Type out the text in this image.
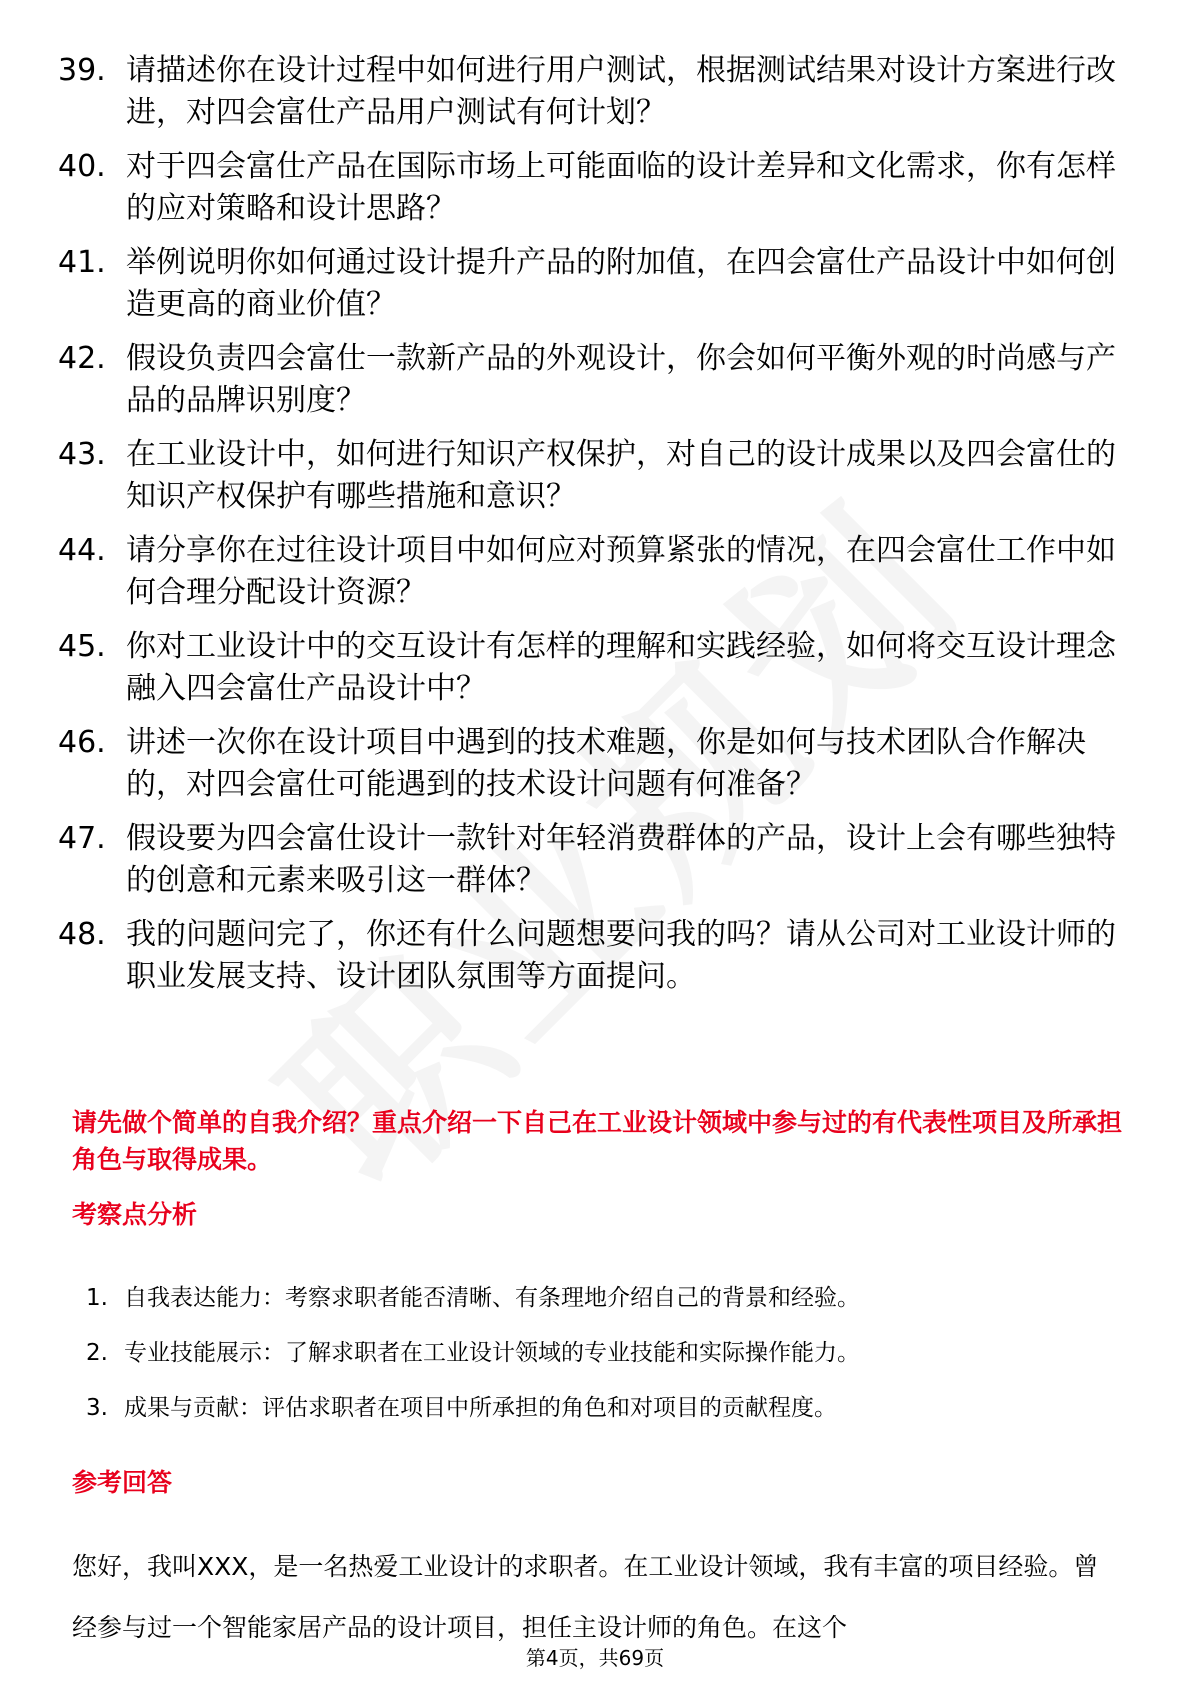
39. 请描述你在设计过程中如何进行用户测试，根据测试结果对设计方案进行改进，对四会富仕产品用户测试有何计划？
40. 对于四会富仕产品在国际市场上可能面临的设计差异和文化需求，你有怎样的应对策略和设计思路？
41. 举例说明你如何通过设计提升产品的附加值，在四会富仕产品设计中如何创造更高的商业价值？
42. 假设负责四会富仕一款新产品的外观设计，你会如何平衡外观的时尚感与产品的品牌识别度？
43. 在工业设计中，如何进行知识产权保护，对自己的设计成果以及四会富仕的知识产权保护有哪些措施和意识？
44. 请分享你在过往设计项目中如何应对预算紧张的情况，在四会富仕工作中如何合理分配设计资源？
45. 你对工业设计中的交互设计有怎样的理解和实践经验，如何将交互设计理念融入四会富仕产品设计中？
46. 讲述一次你在设计项目中遇到的技术难题，你是如何与技术团队合作解决的，对四会富仕可能遇到的技术设计问题有何准备？
47. 假设要为四会富仕设计一款针对年轻消费群体的产品，设计上会有哪些独特的创意和元素来吸引这一群体？
48. 我的问题问完了，你还有什么问题想要问我的吗？请从公司对工业设计师的职业发展支持、设计团队氛围等方面提问。
请先做个简单的自我介绍？重点介绍一下自己在工业设计领域中参与过的有代表性项目及所承担角色与取得成果。
考察点分析
1. 自我表达能力：考察求职者能否清晰、有条理地介绍自己的背景和经验。
2. 专业技能展示：了解求职者在工业设计领域的专业技能和实际操作能力。
3. 成果与贡献：评估求职者在项目中所承担的角色和对项目的贡献程度。
参考回答
您好，我叫XXX，是一名热爱工业设计的求职者。在工业设计领域，我有丰富的项目经验。曾经参与过一个智能家居产品的设计项目，担任主设计师的角色。在这个
第4页，共69页
